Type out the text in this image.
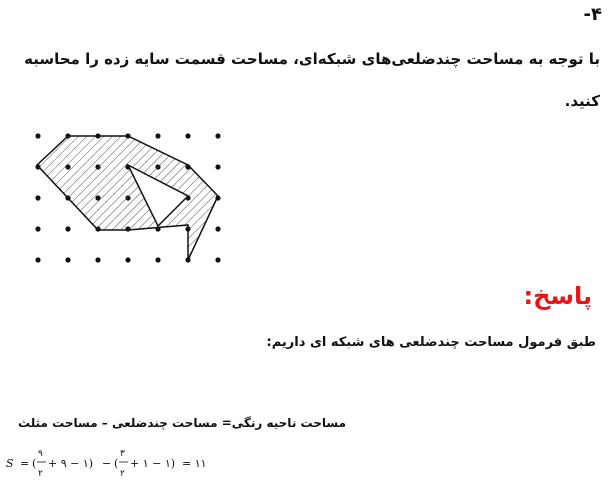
-۴
با توجه به مساحت چندضلعی‌های شبکه‌ای، مساحت قسمت سایه زده را محاسبه
کنید.
پاسخ:
طبق فرمول مساحت چندضلعی های شبکه ای داریم:
مساحت ناحیه رنگی= مساحت چندضلعی – مساحت مثلث
S = (
۹
۲
+ ۹ − ۱) − (
۳
۲
+ ۱ − ۱) = ۱۱
